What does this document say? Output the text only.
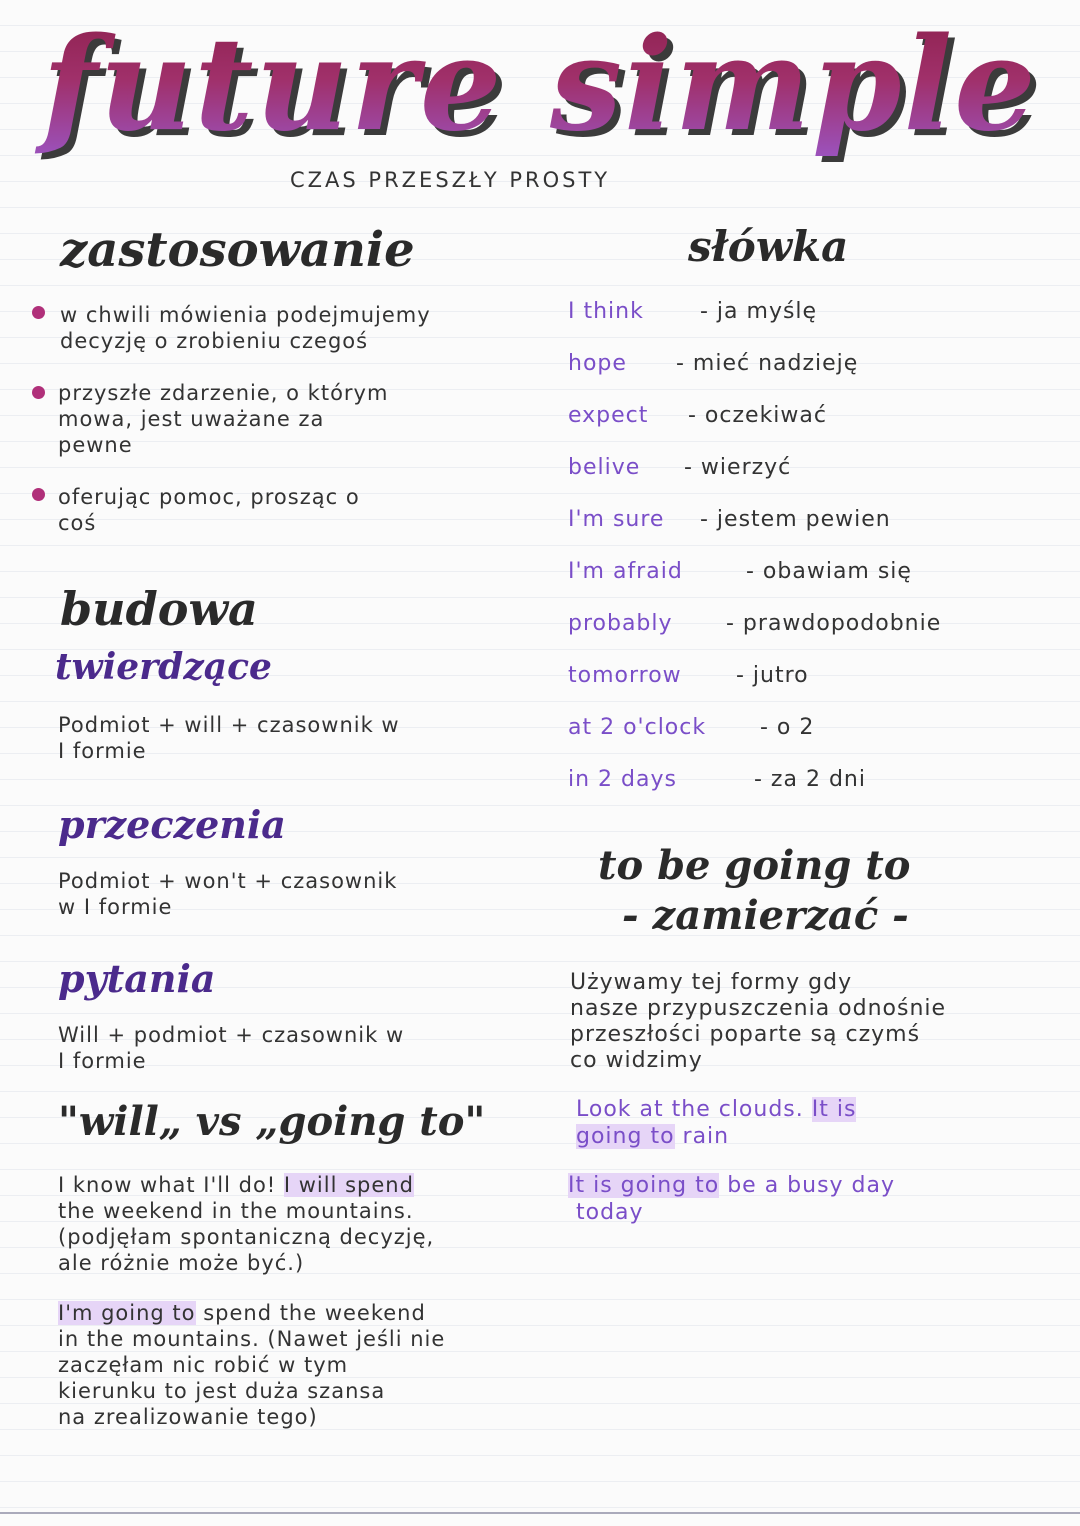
future simple
CZAS PRZESZŁY PROSTY
zastosowanie
w chwili mówienia podejmujemy
decyzję o zrobieniu czegoś
przyszłe zdarzenie, o którym
mowa, jest uważane za
pewne
oferując pomoc, prosząc o
coś
budowa
twierdzące
Podmiot + will + czasownik w
I formie
przeczenia
Podmiot + won't + czasownik
w I formie
pytania
Will + podmiot + czasownik w
I formie
"will„ vs „going to"
I know what I'll do! I will spend
the weekend in the mountains.
(podjęłam spontaniczną decyzję,
ale różnie może być.)
I'm going to spend the weekend
in the mountains. (Nawet jeśli nie
zaczęłam nic robić w tym
kierunku to jest duża szansa
na zrealizowanie tego)
słówka
I think	- ja myślę
hope - mieć nadzieję
expect - oczekiwać
belive - wierzyć
I'm sure - jestem pewien
I'm afraid	- obawiam się
probably - prawdopodobnie
tomorrow - jutro
at 2 o'clock - o 2
in 2 days	- za 2 dni
to be going to
- zamierzać -
Używamy tej formy gdy
nasze przypuszczenia odnośnie
przeszłości poparte są czymś
co widzimy
Look at the clouds. It is
going to rain
It is going to be a busy day
today
